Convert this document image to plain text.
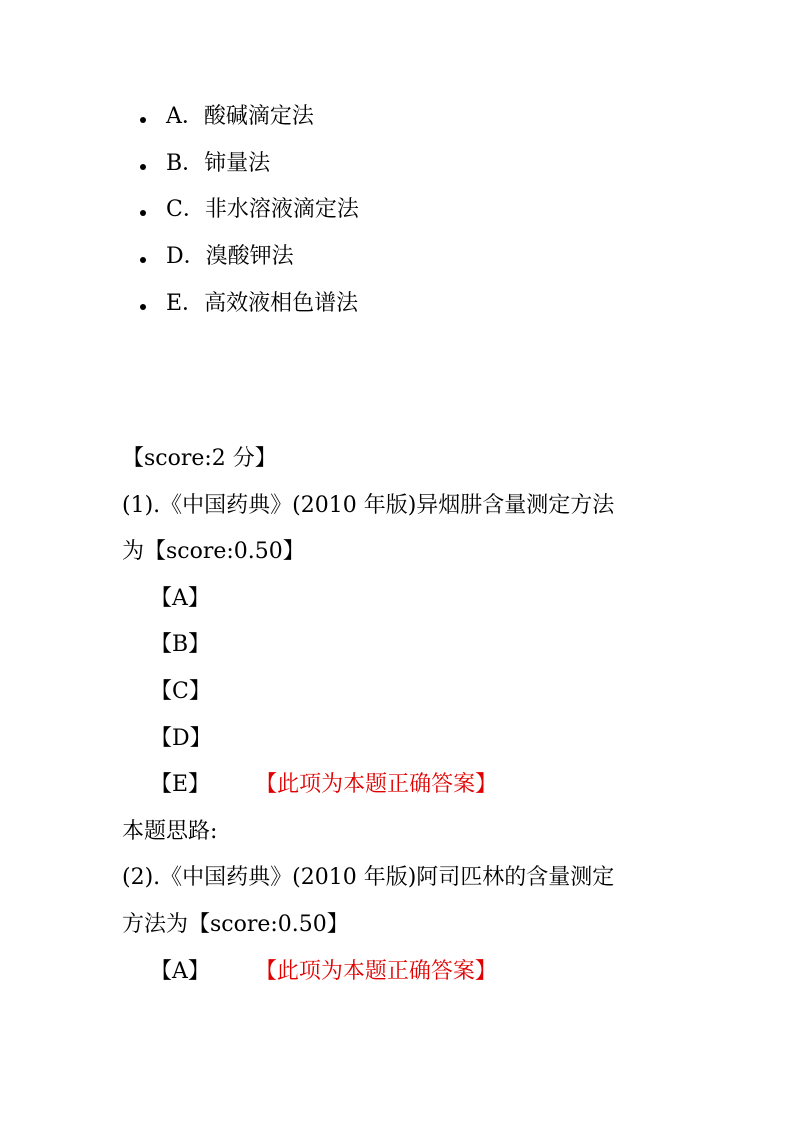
A． 酸碱滴定法
B． 铈量法
C． 非水溶液滴定法
D． 溴酸钾法
E． 高效液相色谱法
【score:2 分】
(1).《中国药典》(2010 年版)异烟肼含量测定方法
为【score:0.50】
【A】
【B】
【C】
【D】
【E】 【此项为本题正确答案】
本题思路:
(2).《中国药典》(2010 年版)阿司匹林的含量测定
方法为【score:0.50】
【A】 【此项为本题正确答案】
